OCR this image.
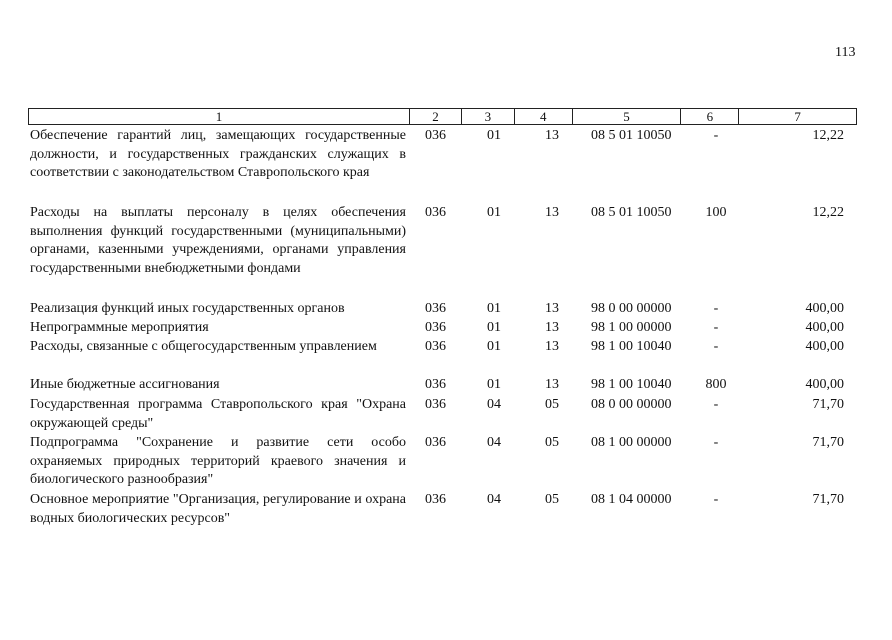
113
1	2	3	4	5	6	7
Обеспечение гарантий лиц, замещающих государственные должности, и государственных гражданских служащих в соответствии с законодательством Ставропольского края
036	01	13 08 5 01 10050	-	12,22
Расходы на выплаты персоналу в целях обеспечения выполнения функций государственными (муниципальными) органами, казенными учреждениями, органами управления государственными внебюджетными фондами
036	01	13 08 5 01 10050	100	12,22
Реализация функций иных государственных органов	036	01	13 98 0 00 00000	-	400,00
Непрограммные мероприятия	036	01	13 98 1 00 00000	-	400,00
Расходы, связанные с общегосударственным управлением	036	01	13 98 1 00 10040	-	400,00
Иные бюджетные ассигнования	036	01	13 98 1 00 10040	800	400,00
Государственная программа Ставропольского края "Охрана окружающей среды"
036	04	05 08 0 00 00000	-	71,70
Подпрограмма "Сохранение и развитие сети особо охраняемых природных территорий краевого значения и биологического разнообразия"
036	04	05 08 1 00 00000	-	71,70
Основное мероприятие "Организация, регулирование и охрана водных биологических ресурсов"
036	04	05 08 1 04 00000	-	71,70
